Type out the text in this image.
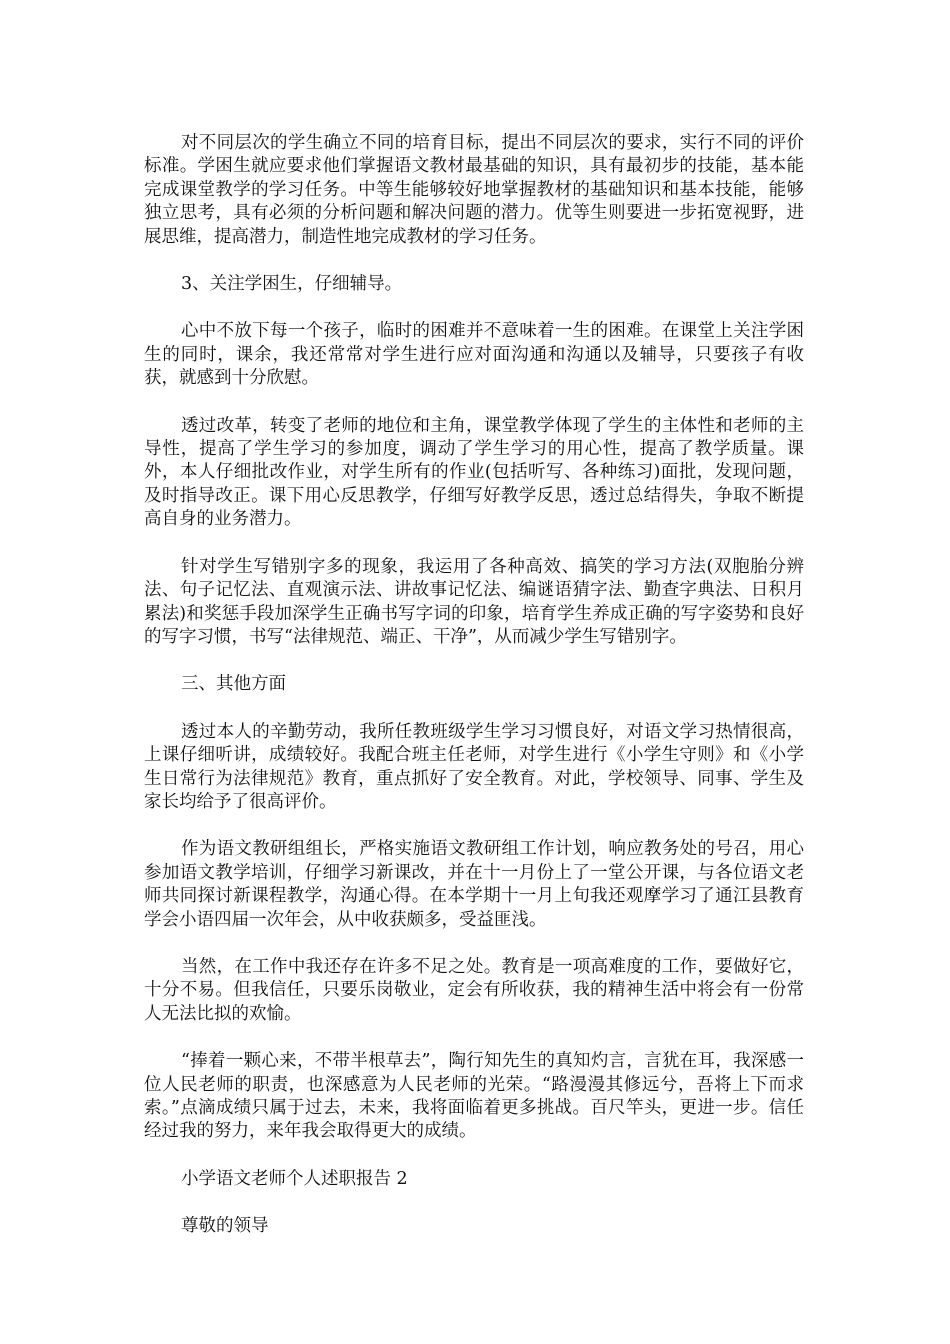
对不同层次的学生确立不同的培育目标，提出不同层次的要求，实行不同的评价标准。学困生就应要求他们掌握语文教材最基础的知识，具有最初步的技能，基本能完成课堂教学的学习任务。中等生能够较好地掌握教材的基础知识和基本技能，能够独立思考，具有必须的分析问题和解决问题的潜力。优等生则要进一步拓宽视野，进展思维，提高潜力，制造性地完成教材的学习任务。

3、关注学困生，仔细辅导。

心中不放下每一个孩子，临时的困难并不意味着一生的困难。在课堂上关注学困生的同时，课余，我还常常对学生进行应对面沟通和沟通以及辅导，只要孩子有收获，就感到十分欣慰。

透过改革，转变了老师的地位和主角，课堂教学体现了学生的主体性和老师的主导性，提高了学生学习的参加度，调动了学生学习的用心性，提高了教学质量。课外，本人仔细批改作业，对学生所有的作业(包括听写、各种练习)面批，发现问题，及时指导改正。课下用心反思教学，仔细写好教学反思，透过总结得失，争取不断提高自身的业务潜力。

针对学生写错别字多的现象，我运用了各种高效、搞笑的学习方法(双胞胎分辨法、句子记忆法、直观演示法、讲故事记忆法、编谜语猜字法、勤查字典法、日积月累法)和奖惩手段加深学生正确书写字词的印象，培育学生养成正确的写字姿势和良好的写字习惯，书写“法律规范、端正、干净”，从而减少学生写错别字。

三、其他方面

透过本人的辛勤劳动，我所任教班级学生学习习惯良好，对语文学习热情很高，上课仔细听讲，成绩较好。我配合班主任老师，对学生进行《小学生守则》和《小学生日常行为法律规范》教育，重点抓好了安全教育。对此，学校领导、同事、学生及家长均给予了很高评价。

作为语文教研组组长，严格实施语文教研组工作计划，响应教务处的号召，用心参加语文教学培训，仔细学习新课改，并在十一月份上了一堂公开课，与各位语文老师共同探讨新课程教学，沟通心得。在本学期十一月上旬我还观摩学习了通江县教育学会小语四届一次年会，从中收获颇多，受益匪浅。

当然，在工作中我还存在许多不足之处。教育是一项高难度的工作，要做好它，十分不易。但我信任，只要乐岗敬业，定会有所收获，我的精神生活中将会有一份常人无法比拟的欢愉。

“捧着一颗心来，不带半根草去”，陶行知先生的真知灼言，言犹在耳，我深感一位人民老师的职责，也深感意为人民老师的光荣。“路漫漫其修远兮，吾将上下而求索。”点滴成绩只属于过去，未来，我将面临着更多挑战。百尺竿头，更进一步。信任经过我的努力，来年我会取得更大的成绩。

小学语文老师个人述职报告 2

尊敬的领导
